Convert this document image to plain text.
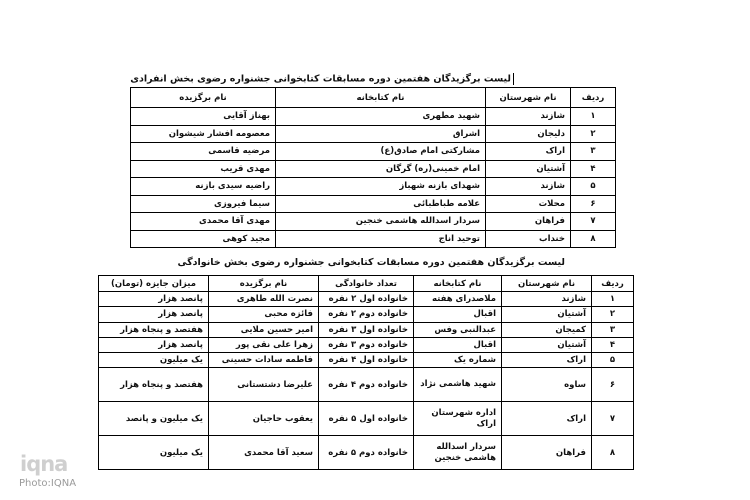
لیست برگزیدگان هفتمین دوره مسابقات کتابخوانی جشنواره رضوی بخش انفرادی
ردیف	نام شهرستان	نام کتابخانه	نام برگزیده
۱	شازند	شهید مطهری	بهناز آقایی
۲	دلیجان	اشراق	معصومه افشار شیشوان
۳	اراک	مشارکتی امام صادق(ع)	مرضیه قاسمی
۴	آشتیان	امام خمینی(ره) گرگان	مهدی قریب
۵	شازند	شهدای بازنه شهباز	راضیه سیدی بازنه
۶	محلات	علامه طباطبائی	سیما فیروزی
۷	فراهان	سردار اسدالله هاشمی خنجین	مهدی آقا محمدی
۸	خنداب	توحید اناج	مجید کوهی
لیست برگزیدگان هفتمین دوره مسابقات کتابخوانی جشنواره رضوی بخش خانوادگی
ردیف	نام شهرستان	نام کتابخانه	تعداد خانوادگی	نام برگزیده	میزان جایزه (تومان)
۱	شازند	ملاصدرای هفته	خانواده اول ۲ نفره	نصرت الله طاهری	پانصد هزار
۲	آشتیان	اقبال	خانواده دوم ۲ نفره	فائزه محبی	پانصد هزار
۳	کمیجان	عبدالنبی وفس	خانواده اول ۳ نفره	امیر حسین ملایی	هفتصد و پنجاه هزار
۴	آشتیان	اقبال	خانواده دوم ۳ نفره	زهرا علی نقی پور	پانصد هزار
۵	اراک	شماره یک	خانواده اول ۴ نفره	فاطمه سادات حسینی	یک میلیون
۶	ساوه	شهید هاشمی نژاد	خانواده دوم ۴ نفره	علیرضا دشتستانی	هفتصد و پنجاه هزار
۷	اراک	اداره شهرستان اراک	خانواده اول ۵ نفره	یعقوب حاجیان	یک میلیون و پانصد
۸	فراهان	سردار اسدالله هاشمی خنجین	خانواده دوم ۵ نفره	سعید آقا محمدی	یک میلیون
iqna
Photo:IQNA
